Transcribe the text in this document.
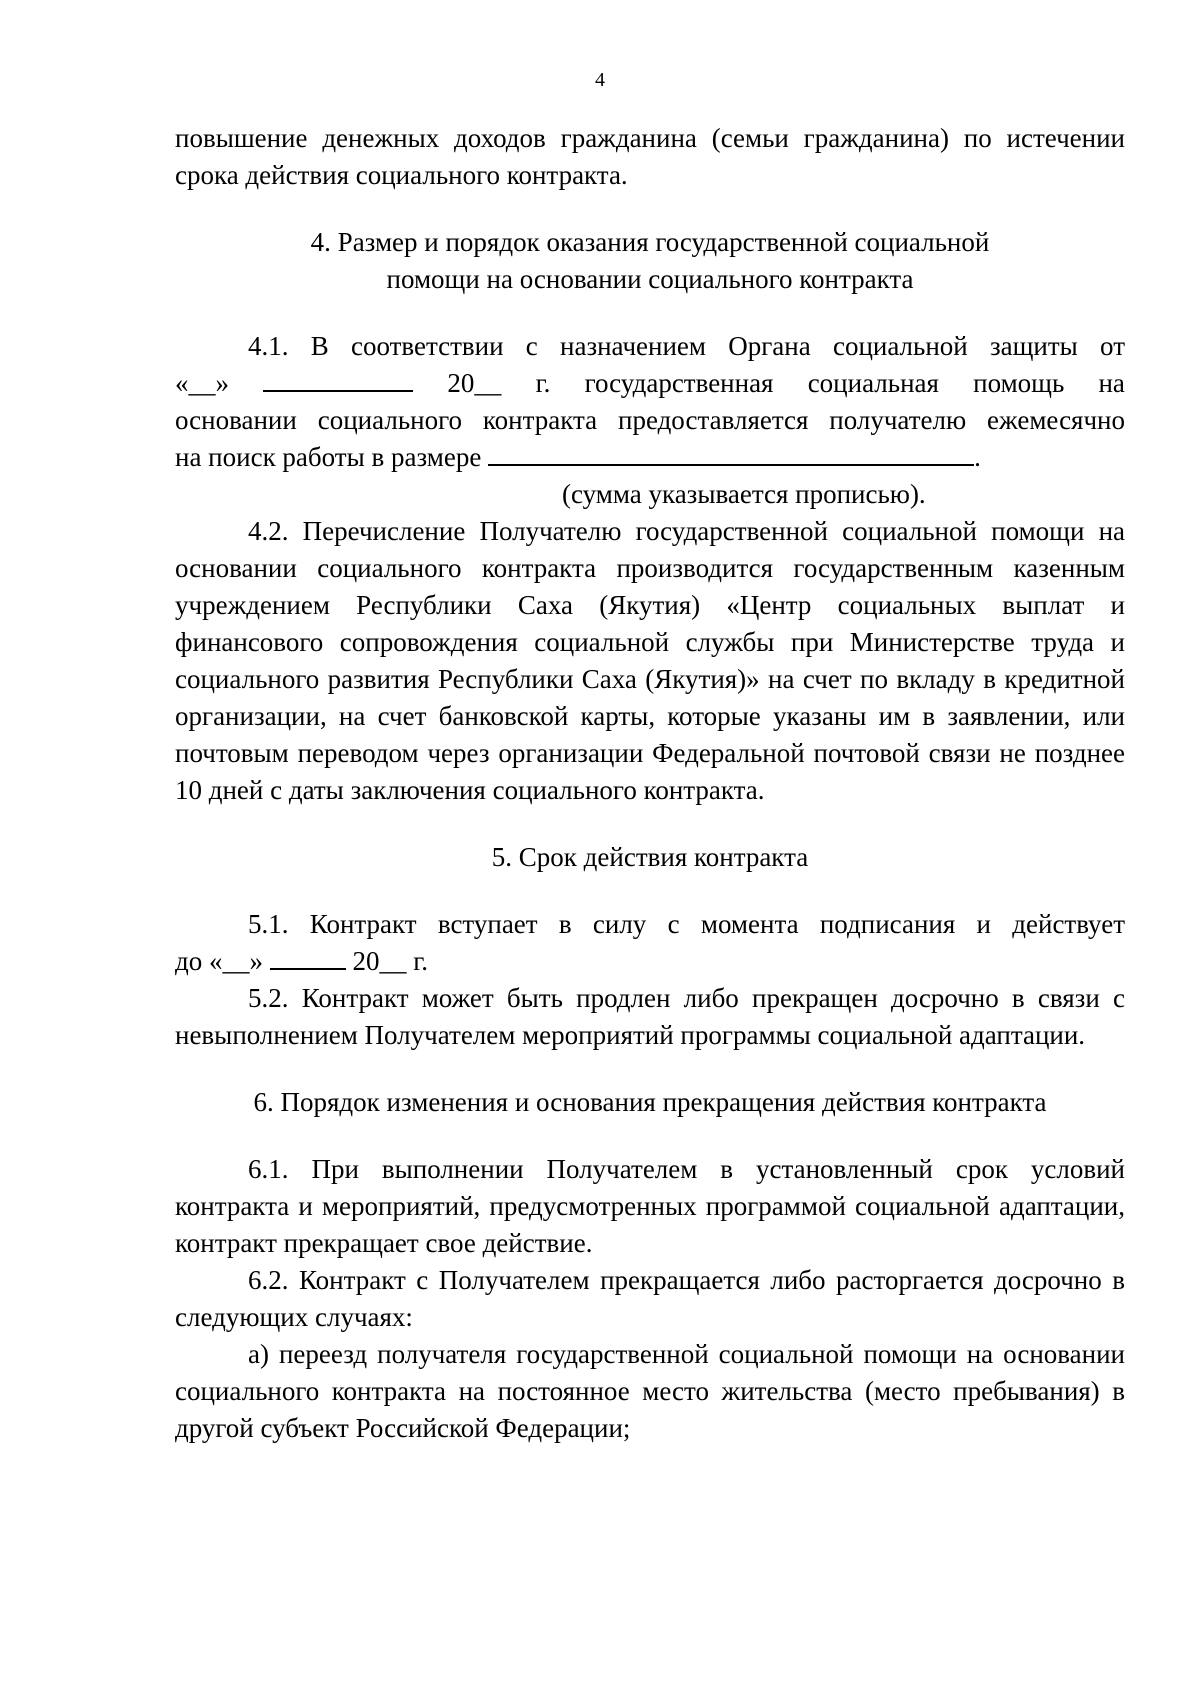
4

повышение денежных доходов гражданина (семьи гражданина) по истечении срока действия социального контракта.

4. Размер и порядок оказания государственной социальной

помощи на основании социального контракта

4.1. В соответствии с назначением Органа социальной защиты от

«__»	20__ г. государственная социальная помощь на

основании социального контракта предоставляется получателю ежемесячно

на поиск работы в размере	.

(сумма указывается прописью).

4.2. Перечисление Получателю государственной социальной помощи на основании социального контракта производится государственным казенным учреждением Республики Саха (Якутия) «Центр социальных выплат и финансового сопровождения социальной службы при Министерстве труда и социального развития Республики Саха (Якутия)» на счет по вкладу в кредитной организации, на счет банковской карты, которые указаны им в заявлении, или почтовым переводом через организации Федеральной почтовой связи не позднее 10 дней с даты заключения социального контракта.

5. Срок действия контракта

5.1. Контракт вступает в силу с момента подписания и действует

до «__»	20__ г.

5.2. Контракт может быть продлен либо прекращен досрочно в связи с невыполнением Получателем мероприятий программы социальной адаптации.

6. Порядок изменения и основания прекращения действия контракта

6.1. При выполнении Получателем в установленный срок условий контракта и мероприятий, предусмотренных программой социальной адаптации, контракт прекращает свое действие.

6.2. Контракт с Получателем прекращается либо расторгается досрочно в следующих случаях:

а) переезд получателя государственной социальной помощи на основании социального контракта на постоянное место жительства (место пребывания) в другой субъект Российской Федерации;
